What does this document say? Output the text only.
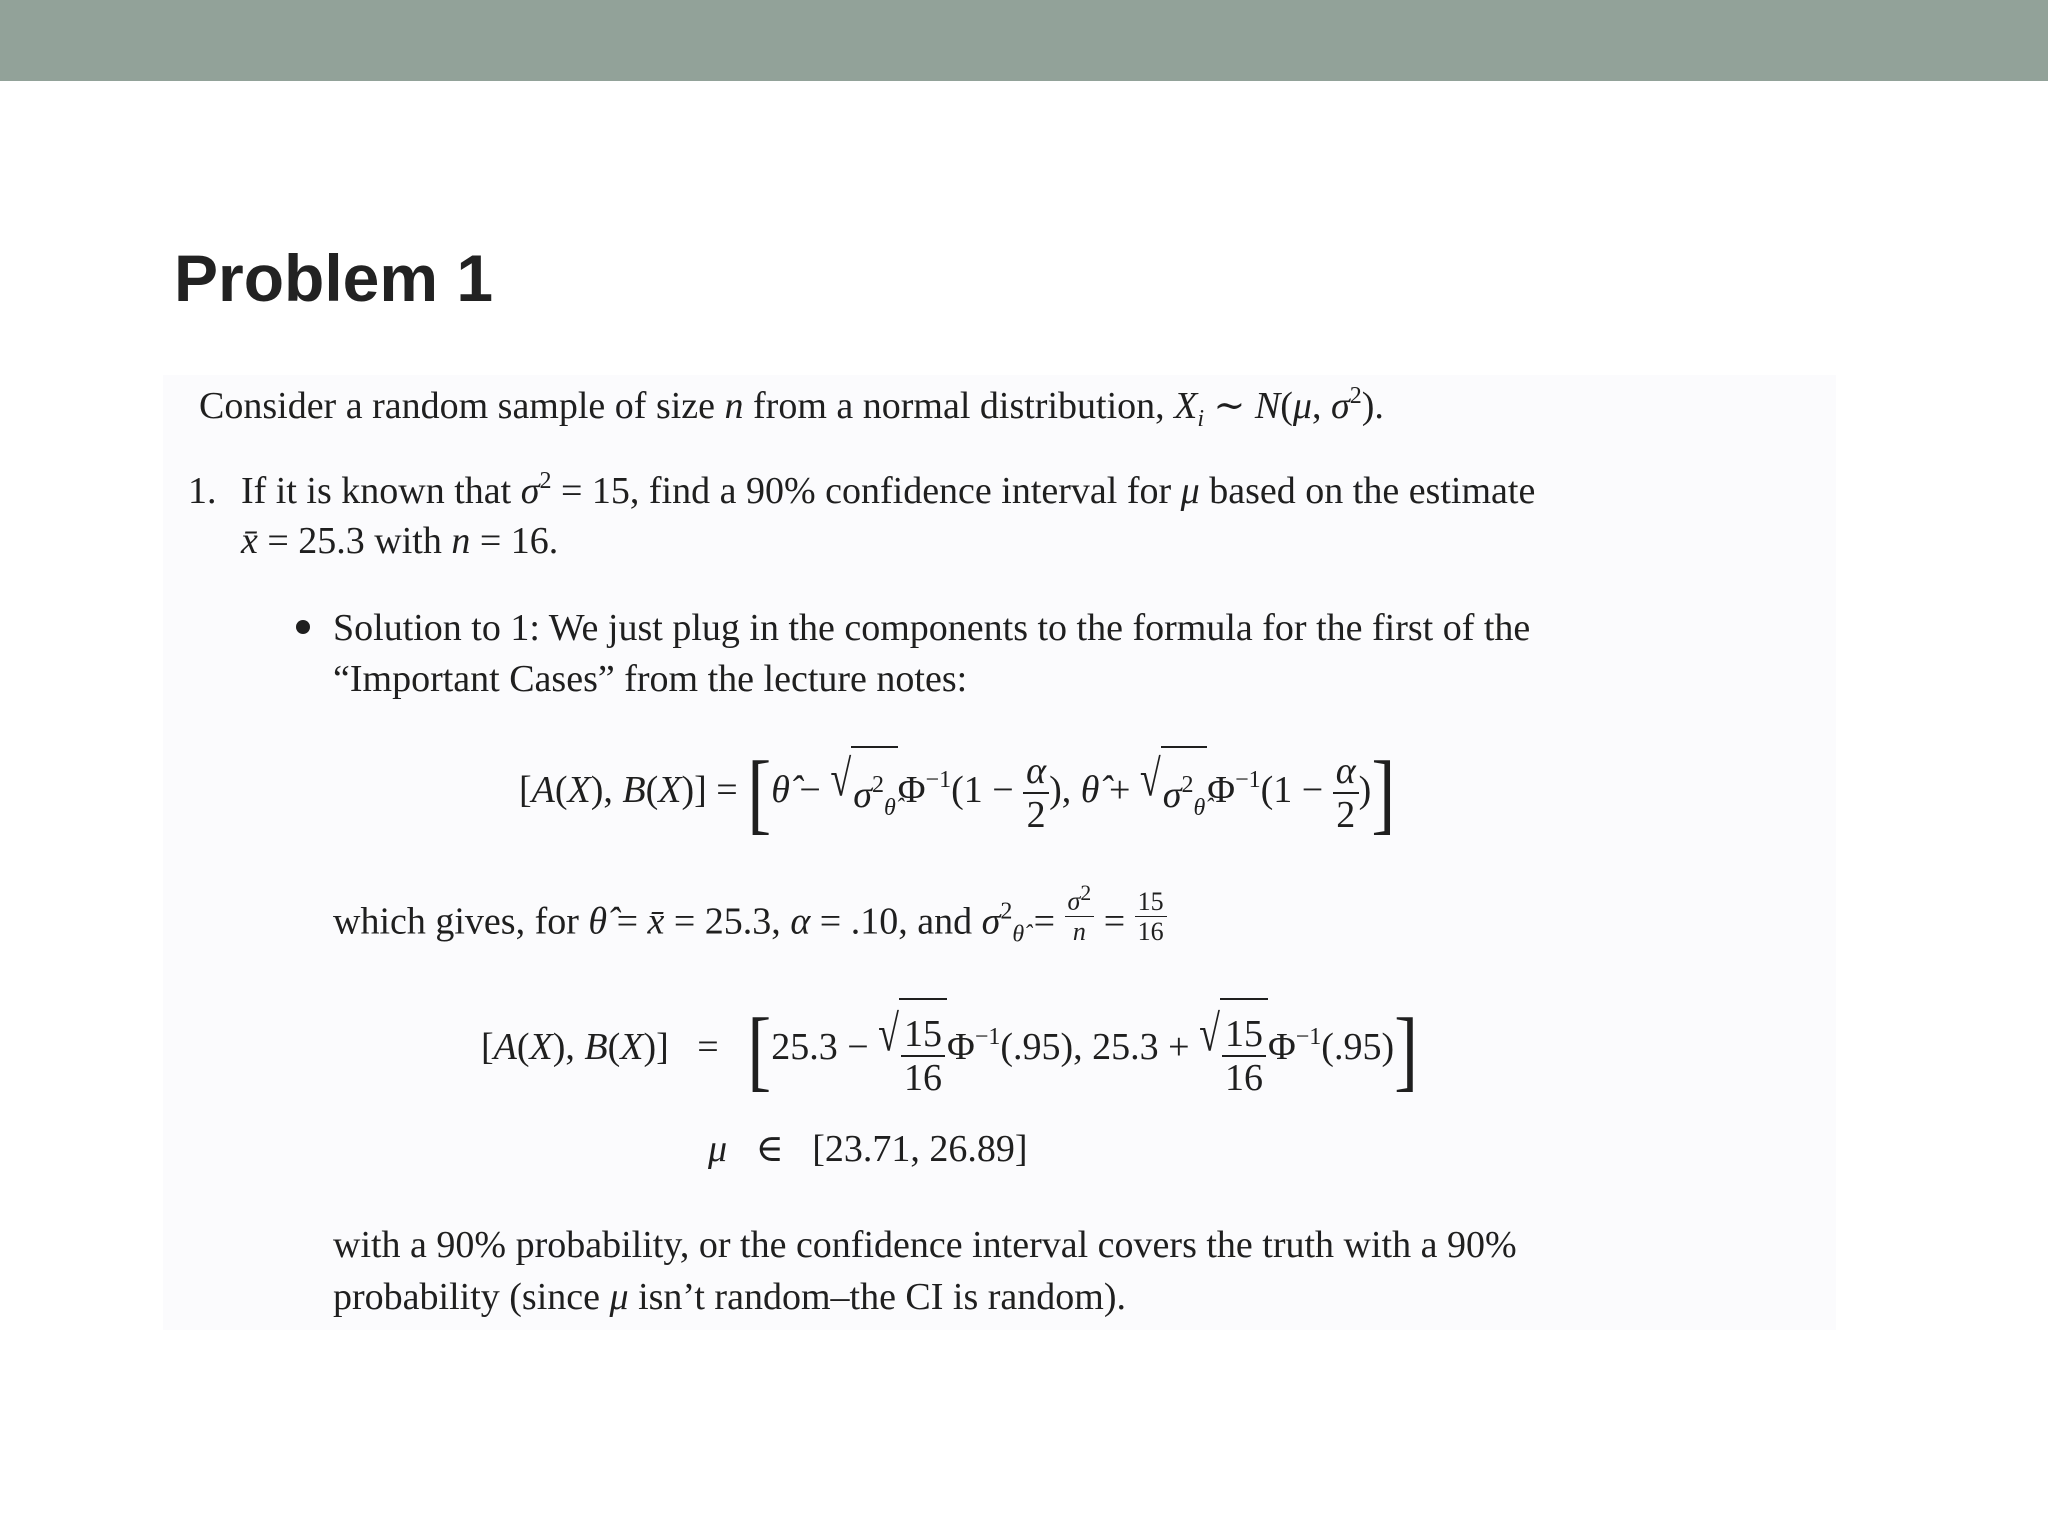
Problem 1
Consider a random sample of size n from a normal distribution, $X_i$ ∼ N(μ, $\sigma^2$).
1. If it is known that $\sigma^2 = 15$, find a 90% confidence interval for μ based on the estimate
x̄ = 25.3 with n = 16.
Solution to 1: We just plug in the components to the formula for the first of the
“Important Cases” from the lecture notes:
[A(X), B(X)] = [θ̂ − $√\sigma^2_{\thetâ}\Phi^{-1}(1 - \frac{\alpha}{2}$ ), θ̂ + $√\sigma^2_{\thetâ}\Phi^{-1}(1 - \frac{\alpha}{2}$ )]
which gives, for θ̂ = x̄ = 25.3, α = .10, and $\sigma^2_{\thetâ} = \frac{\sigma^2}{n} = \frac{15}{16}$
[A(X), B(X)]   =   [25.3 − √ $\frac{15}{16} \Phi^{-1}(.95)$, 25.3 + √ $\frac{15}{16} \Phi^{-1}(.95)$]
μ   ∈   [23.71, 26.89]
with a 90% probability, or the confidence interval covers the truth with a 90%
probability (since μ isn’t random–the CI is random).
